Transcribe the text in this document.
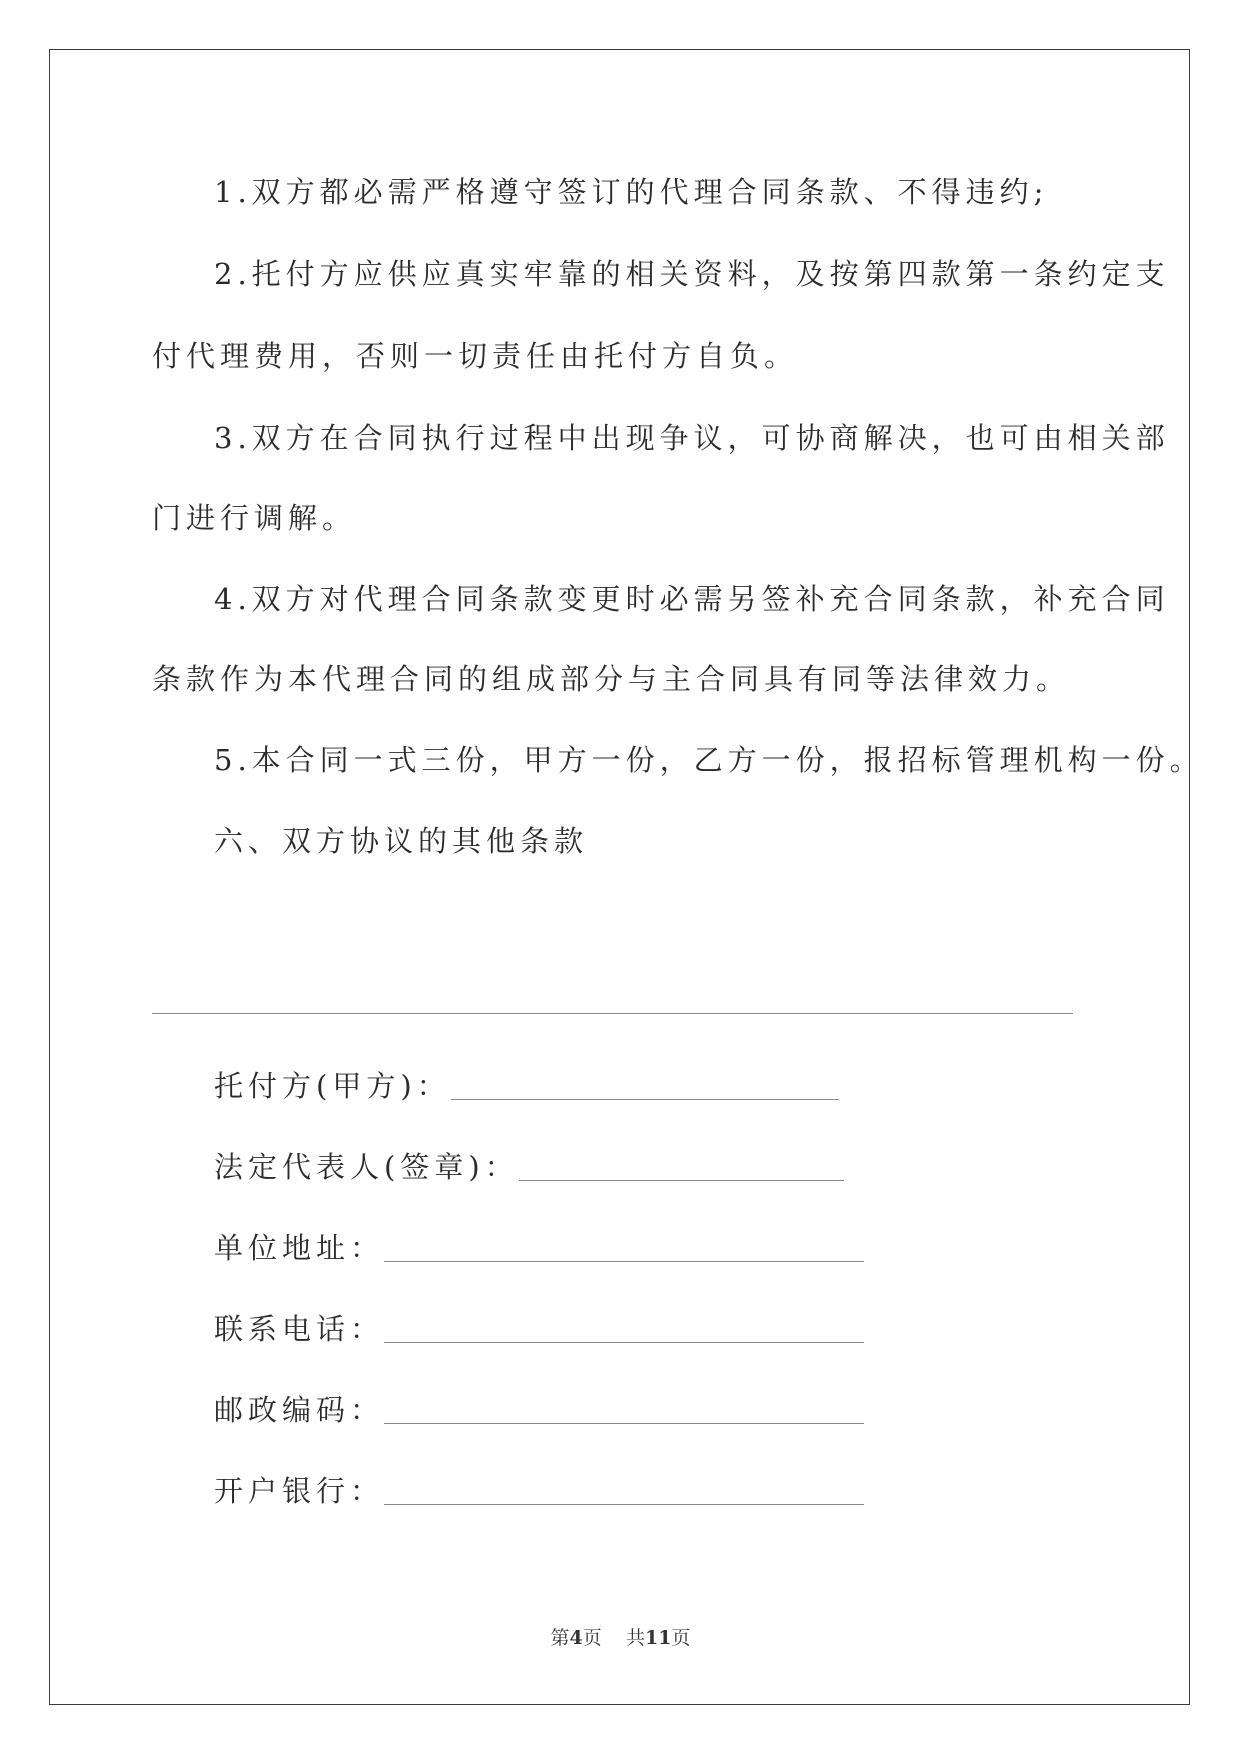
1.双方都必需严格遵守签订的代理合同条款、不得违约;
2.托付方应供应真实牢靠的相关资料，及按第四款第一条约定支
付代理费用，否则一切责任由托付方自负。
3.双方在合同执行过程中出现争议，可协商解决，也可由相关部
门进行调解。
4.双方对代理合同条款变更时必需另签补充合同条款，补充合同
条款作为本代理合同的组成部分与主合同具有同等法律效力。
5.本合同一式三份，甲方一份，乙方一份，报招标管理机构一份。
六、双方协议的其他条款
托付方(甲方)：
法定代表人(签章)：
单位地址：
联系电话：
邮政编码：
开户银行：
第4页 共11页
